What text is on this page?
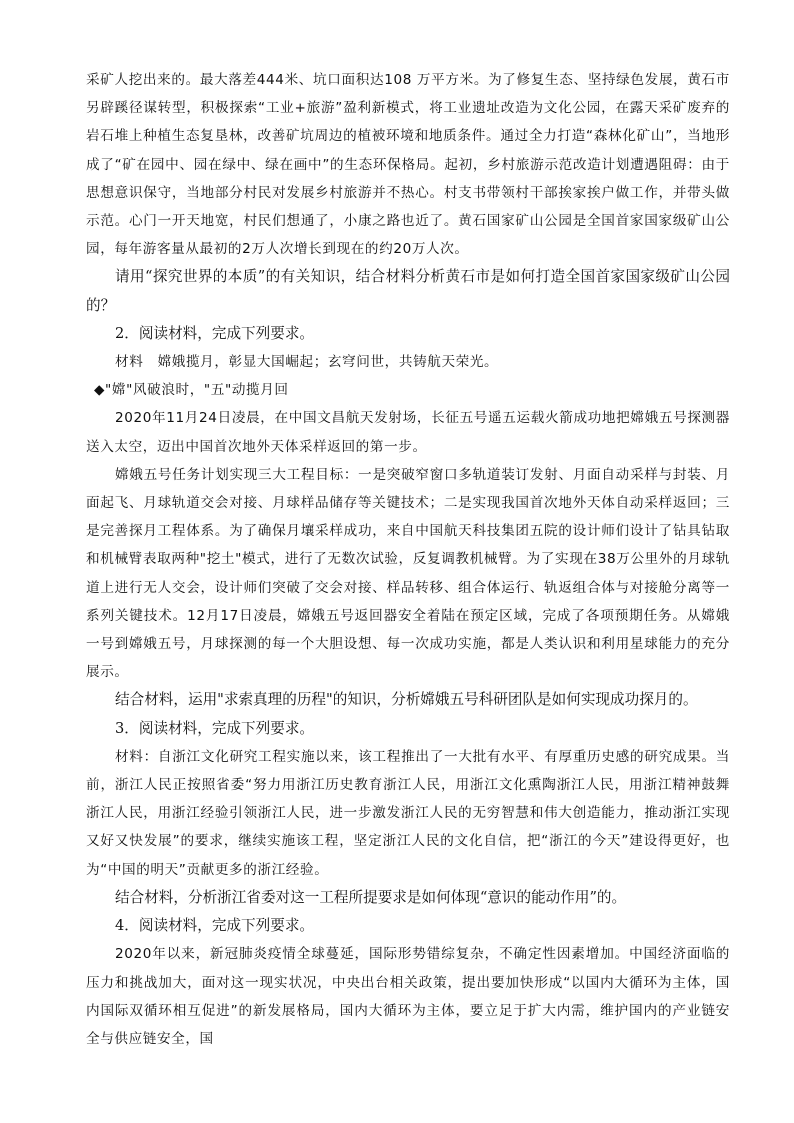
采矿人挖出来的。最大落差444米、坑口面积达108 万平方米。为了修复生态、坚持绿色发展，黄石市另辟蹊径谋转型，积极探索“工业+旅游”盈利新模式，将工业遗址改造为文化公园，在露天采矿废弃的岩石堆上种植生态复垦林，改善矿坑周边的植被环境和地质条件。通过全力打造“森林化矿山”，当地形成了“矿在园中、园在绿中、绿在画中”的生态环保格局。起初，乡村旅游示范改造计划遭遇阻碍：由于思想意识保守，当地部分村民对发展乡村旅游并不热心。村支书带领村干部挨家挨户做工作，并带头做示范。心门一开天地宽，村民们想通了，小康之路也近了。黄石国家矿山公园是全国首家国家级矿山公园，每年游客量从最初的2万人次增长到现在的约20万人次。

请用“探究世界的本质”的有关知识，结合材料分析黄石市是如何打造全国首家国家级矿山公园的？

2．阅读材料，完成下列要求。

材料　嫦娥揽月，彰显大国崛起；玄穹问世，共铸航天荣光。

◆"嫦"风破浪时，"五"动揽月回

2020年11月24日凌晨，在中国文昌航天发射场，长征五号遥五运载火箭成功地把嫦娥五号探测器送入太空，迈出中国首次地外天体采样返回的第一步。

嫦娥五号任务计划实现三大工程目标：一是突破窄窗口多轨道装订发射、月面自动采样与封装、月面起飞、月球轨道交会对接、月球样品储存等关键技术；二是实现我国首次地外天体自动采样返回；三是完善探月工程体系。为了确保月壤采样成功，来自中国航天科技集团五院的设计师们设计了钻具钻取和机械臂表取两种"挖土"模式，进行了无数次试验，反复调教机械臂。为了实现在38万公里外的月球轨道上进行无人交会，设计师们突破了交会对接、样品转移、组合体运行、轨返组合体与对接舱分离等一系列关键技术。12月17日凌晨，嫦娥五号返回器安全着陆在预定区域，完成了各项预期任务。从嫦娥一号到嫦娥五号，月球探测的每一个大胆设想、每一次成功实施，都是人类认识和利用星球能力的充分展示。

结合材料，运用"求索真理的历程"的知识，分析嫦娥五号科研团队是如何实现成功探月的。

3．阅读材料，完成下列要求。

材料：自浙江文化研究工程实施以来，该工程推出了一大批有水平、有厚重历史感的研究成果。当前，浙江人民正按照省委“努力用浙江历史教育浙江人民，用浙江文化熏陶浙江人民，用浙江精神鼓舞浙江人民，用浙江经验引领浙江人民，进一步激发浙江人民的无穷智慧和伟大创造能力，推动浙江实现又好又快发展”的要求，继续实施该工程，坚定浙江人民的文化自信，把“浙江的今天”建设得更好，也为“中国的明天”贡献更多的浙江经验。

结合材料，分析浙江省委对这一工程所提要求是如何体现“意识的能动作用”的。

4．阅读材料，完成下列要求。

2020年以来，新冠肺炎疫情全球蔓延，国际形势错综复杂，不确定性因素增加。中国经济面临的压力和挑战加大，面对这一现实状况，中央出台相关政策，提出要加快形成“以国内大循环为主体，国内国际双循环相互促进”的新发展格局，国内大循环为主体，要立足于扩大内需，维护国内的产业链安全与供应链安全，国
